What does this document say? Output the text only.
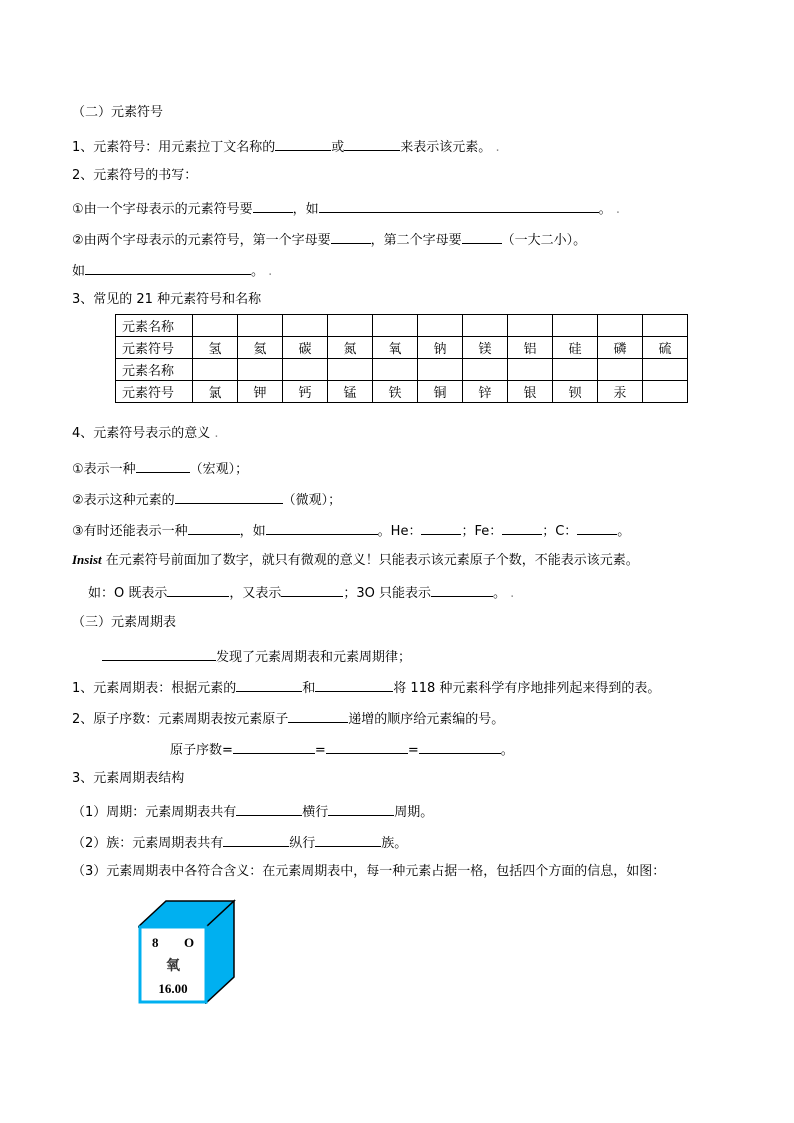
（二）元素符号
1、元素符号：用元素拉丁文名称的	或	来表示该元素。 .
2、元素符号的书写：
①由一个字母表示的元素符号要	，如	。 .
②由两个字母表示的元素符号，第一个字母要	，第二个字母要	（一大二小）。
如	。 .
3、常见的 21 种元素符号和名称
元素名称											
元素符号	氢	氦	碳	氮	氧	钠	镁	铝	硅	磷	硫
元素名称											
元素符号	氯	钾	钙	锰	铁	铜	锌	银	钡	汞	
4、元素符号表示的意义 .
①表示一种	（宏观）；
②表示这种元素的	（微观）；
③有时还能表示一种	，如	。He：	；Fe：	；C：	。
Insist 在元素符号前面加了数字，就只有微观的意义！只能表示该元素原子个数，不能表示该元素。
如：O 既表示	，又表示	；3O 只能表示	。 .
（三）元素周期表
发现了元素周期表和元素周期律；
1、元素周期表：根据元素的	和	将 118 种元素科学有序地排列起来得到的表。
2、原子序数：元素周期表按元素原子	递增的顺序给元素编的号。
原子序数=	=	=	。
3、元素周期表结构
（1）周期：元素周期表共有	横行	周期。
（2）族：元素周期表共有	纵行	族。
（3）元素周期表中各符合含义：在元素周期表中，每一种元素占据一格，包括四个方面的信息，如图：
8 O
氧
16.00
